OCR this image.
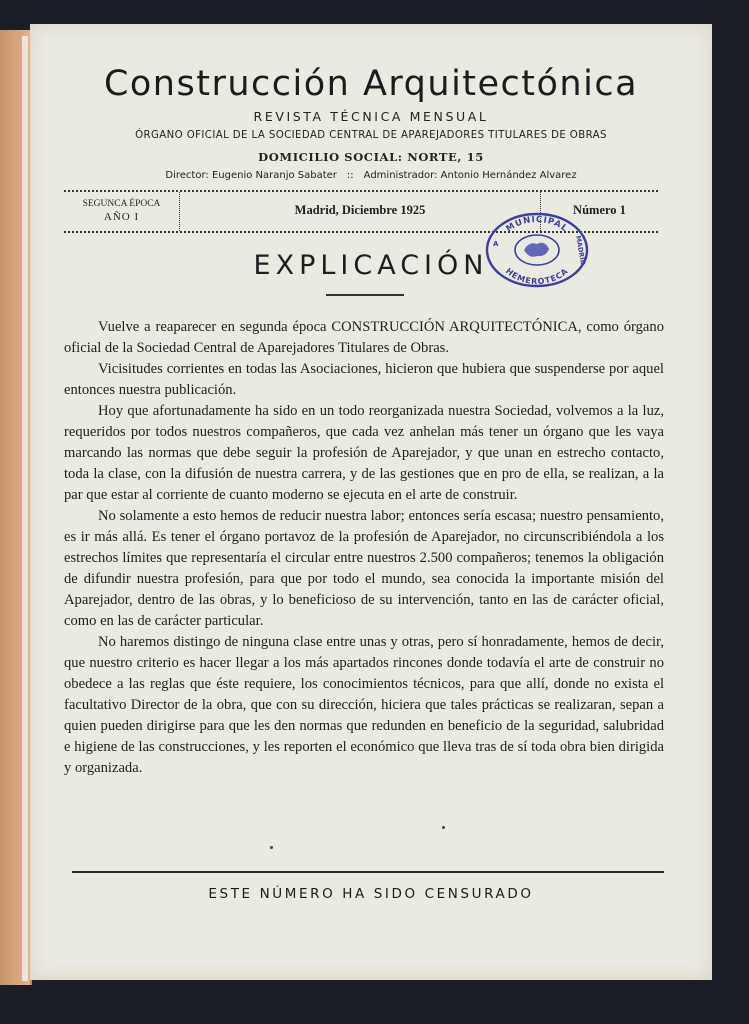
Construcción Arquitectónica

REVISTA TÉCNICA MENSUAL

ÓRGANO OFICIAL DE LA SOCIEDAD CENTRAL DE APAREJADORES TITULARES DE OBRAS

DOMICILIO SOCIAL: NORTE, 15

Director: Eugenio Naranjo Sabater :: Administrador: Antonio Hernández Alvarez

SEGUNCA ÉPOCA
AÑO I	Madrid, Diciembre 1925	Número 1
EXPLICACIÓN
MUNICIPAL
HEMEROTECA
A	MADRID

Vuelve a reaparecer en segunda época CONSTRUCCIÓN ARQUITECTÓNICA, como órgano oficial de la Sociedad Central de Aparejadores Titulares de Obras.

Vicisitudes corrientes en todas las Asociaciones, hicieron que hubiera que suspenderse por aquel entonces nuestra publicación.

Hoy que afortunadamente ha sido en un todo reorganizada nuestra Sociedad, volvemos a la luz, requeridos por todos nuestros compañeros, que cada vez anhelan más tener un órgano que les vaya marcando las normas que debe seguir la profesión de Aparejador, y que unan en estrecho contacto, toda la clase, con la difusión de nuestra carrera, y de las gestiones que en pro de ella, se realizan, a la par que estar al corriente de cuanto moderno se ejecuta en el arte de construir.

No solamente a esto hemos de reducir nuestra labor; entonces sería escasa; nuestro pensamiento, es ir más allá. Es tener el órgano portavoz de la profesión de Aparejador, no circunscribiéndola a los estrechos límites que representaría el circular entre nuestros 2.500 compañeros; tenemos la obligación de difundir nuestra profesión, para que por todo el mundo, sea conocida la importante misión del Aparejador, dentro de las obras, y lo beneficioso de su intervención, tanto en las de carácter oficial, como en las de carácter particular.

No haremos distingo de ninguna clase entre unas y otras, pero sí honradamente, hemos de decir, que nuestro criterio es hacer llegar a los más apartados rincones donde todavía el arte de construir no obedece a las reglas que éste requiere, los conocimientos técnicos, para que allí, donde no exista el facultativo Director de la obra, que con su dirección, hiciera que tales prácticas se realizaran, sepan a quien pueden dirigirse para que les den normas que redunden en beneficio de la seguridad, salubridad e higiene de las construcciones, y les reporten el económico que lleva tras de sí toda obra bien dirigida y organizada.

ESTE NÚMERO HA SIDO CENSURADO
